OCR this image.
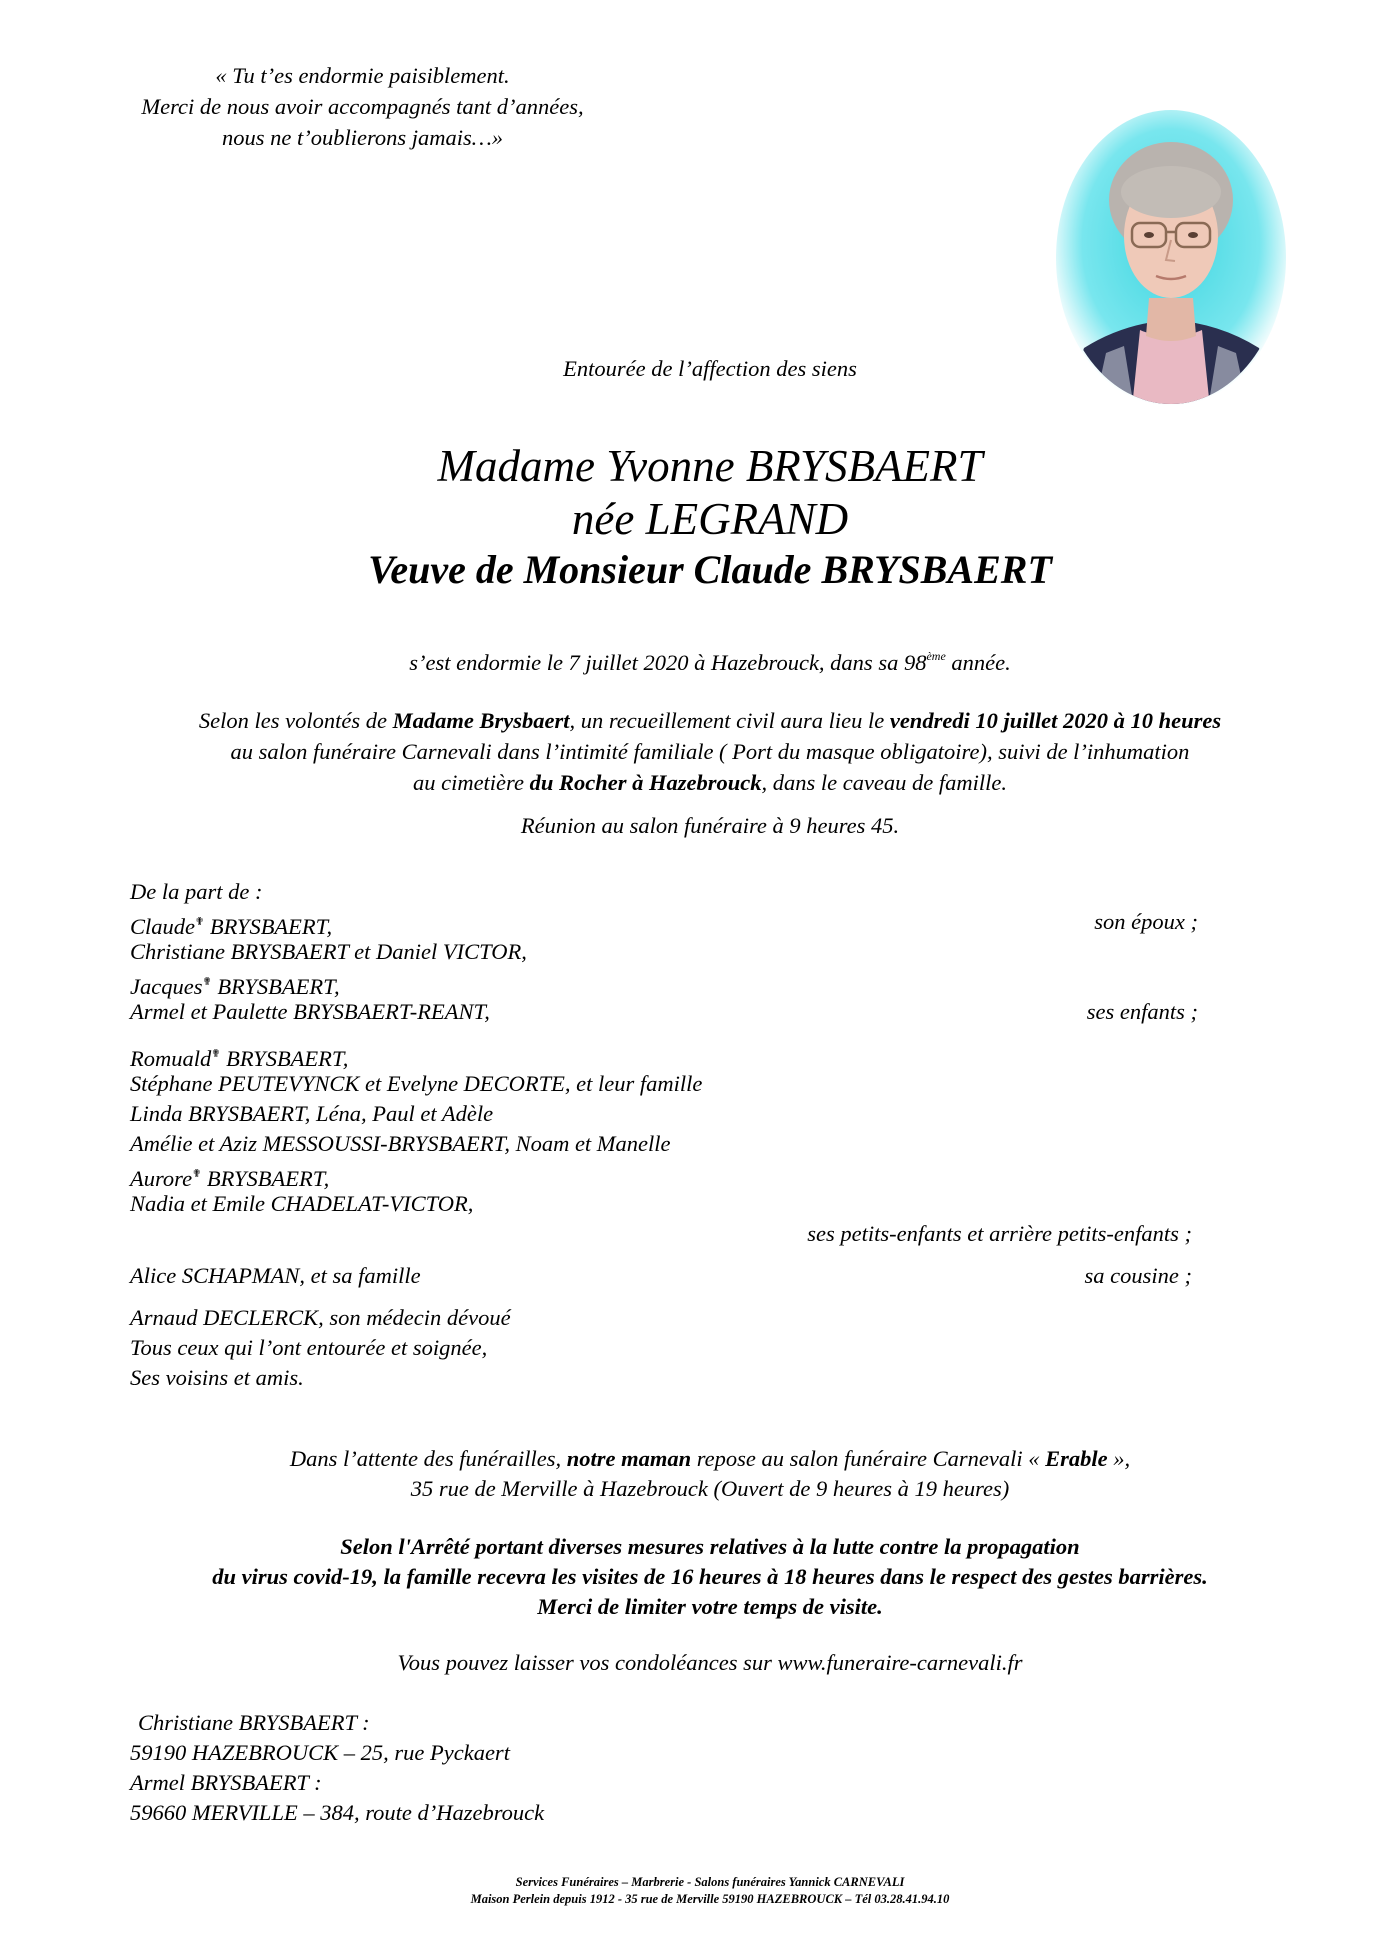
« Tu t’es endormie paisiblement.
Merci de nous avoir accompagnés tant d’années,
nous ne t’oublierons jamais…»
Entourée de l’affection des siens
Madame Yvonne BRYSBAERT
née LEGRAND
Veuve de Monsieur Claude BRYSBAERT
s’est endormie le 7 juillet 2020 à Hazebrouck, dans sa 98ème année.
Selon les volontés de Madame Brysbaert, un recueillement civil aura lieu le vendredi 10 juillet 2020 à 10 heures
au salon funéraire Carnevali dans l’intimité familiale ( Port du masque obligatoire), suivi de l’inhumation
au cimetière du Rocher à Hazebrouck, dans le caveau de famille.
Réunion au salon funéraire à 9 heures 45.
De la part de :
Claude✟ BRYSBAERT,	son époux ;
Christiane BRYSBAERT et Daniel VICTOR,
Jacques✟ BRYSBAERT,
Armel et Paulette BRYSBAERT-REANT,	ses enfants ;
Romuald✟ BRYSBAERT,
Stéphane PEUTEVYNCK et Evelyne DECORTE, et leur famille
Linda BRYSBAERT, Léna, Paul et Adèle
Amélie et Aziz MESSOUSSI-BRYSBAERT, Noam et Manelle
Aurore✟ BRYSBAERT,
Nadia et Emile CHADELAT-VICTOR,
ses petits-enfants et arrière petits-enfants ;
Alice SCHAPMAN, et sa famille	sa cousine ;
Arnaud DECLERCK, son médecin dévoué
Tous ceux qui l’ont entourée et soignée,
Ses voisins et amis.
Dans l’attente des funérailles, notre maman repose au salon funéraire Carnevali « Erable »,
35 rue de Merville à Hazebrouck (Ouvert de 9 heures à 19 heures)
Selon l'Arrêté portant diverses mesures relatives à la lutte contre la propagation
du virus covid-19, la famille recevra les visites de 16 heures à 18 heures dans le respect des gestes barrières.
Merci de limiter votre temps de visite.
Vous pouvez laisser vos condoléances sur www.funeraire-carnevali.fr
Christiane BRYSBAERT :
59190 HAZEBROUCK – 25, rue Pyckaert
Armel BRYSBAERT :
59660 MERVILLE – 384, route d’Hazebrouck
Services Funéraires – Marbrerie - Salons funéraires Yannick CARNEVALI
Maison Perlein depuis 1912 - 35 rue de Merville 59190 HAZEBROUCK – Tél 03.28.41.94.10
